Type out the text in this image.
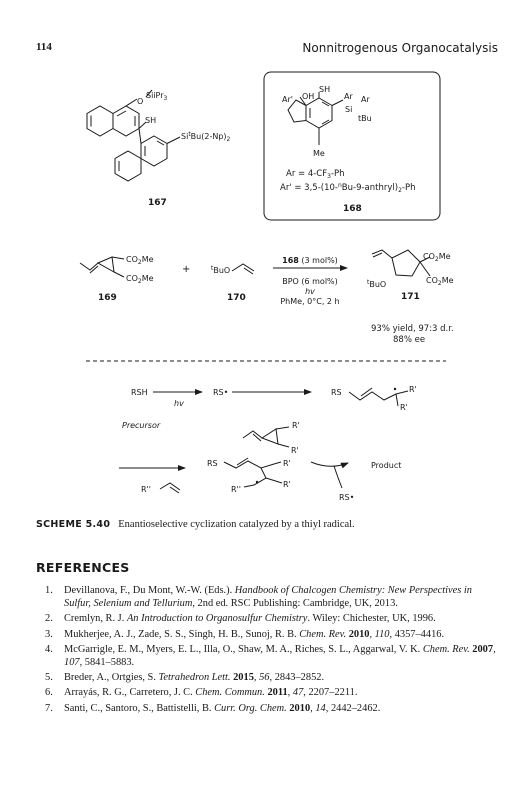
114	Nonnitrogenous Organocatalysis
SiiPr$_3$
O
SH
$Si^tBu(2-Np)_2$
167
Ar' OH
SH
Ar Ar
Si
tBu
Me
$Ar = 4-CF_3-Ph$
$Ar' = 3,5-(10-^nBu-9-anthryl)_2-Ph$
168
$CO_2Me$
$CO_2Me$
169
+	$^t$BuO
170
168 (3 mol%)
BPO (6 mol%)
hv
PhMe, 0°C, 2 h
$CO_2Me$
$CO_2Me$
$^t$BuO
171
93% yield, 97:3 d.r.
88% ee
RSH
hv
RS•
Precursor	R'
R'
RS	R'
R'
R''
RS	R'
R'
R''
Product
RS•
SCHEME 5.40 Enantioselective cyclization catalyzed by a thiyl radical.
REFERENCES
1. Devillanova, F., Du Mont, W.-W. (Eds.). Handbook of Chalcogen Chemistry: New Perspectives in Sulfur, Selenium and Tellurium, 2nd ed. RSC Publishing: Cambridge, UK, 2013.
2. Cremlyn, R. J. An Introduction to Organosulfur Chemistry. Wiley: Chichester, UK, 1996.
3. Mukherjee, A. J., Zade, S. S., Singh, H. B., Sunoj, R. B. Chem. Rev. 2010, 110, 4357–4416.
4. McGarrigle, E. M., Myers, E. L., Illa, O., Shaw, M. A., Riches, S. L., Aggarwal, V. K. Chem. Rev. 2007, 107, 5841–5883.
5. Breder, A., Ortgies, S. Tetrahedron Lett. 2015, 56, 2843–2852.
6. Arrayás, R. G., Carretero, J. C. Chem. Commun. 2011, 47, 2207–2211.
7. Santi, C., Santoro, S., Battistelli, B. Curr. Org. Chem. 2010, 14, 2442–2462.
